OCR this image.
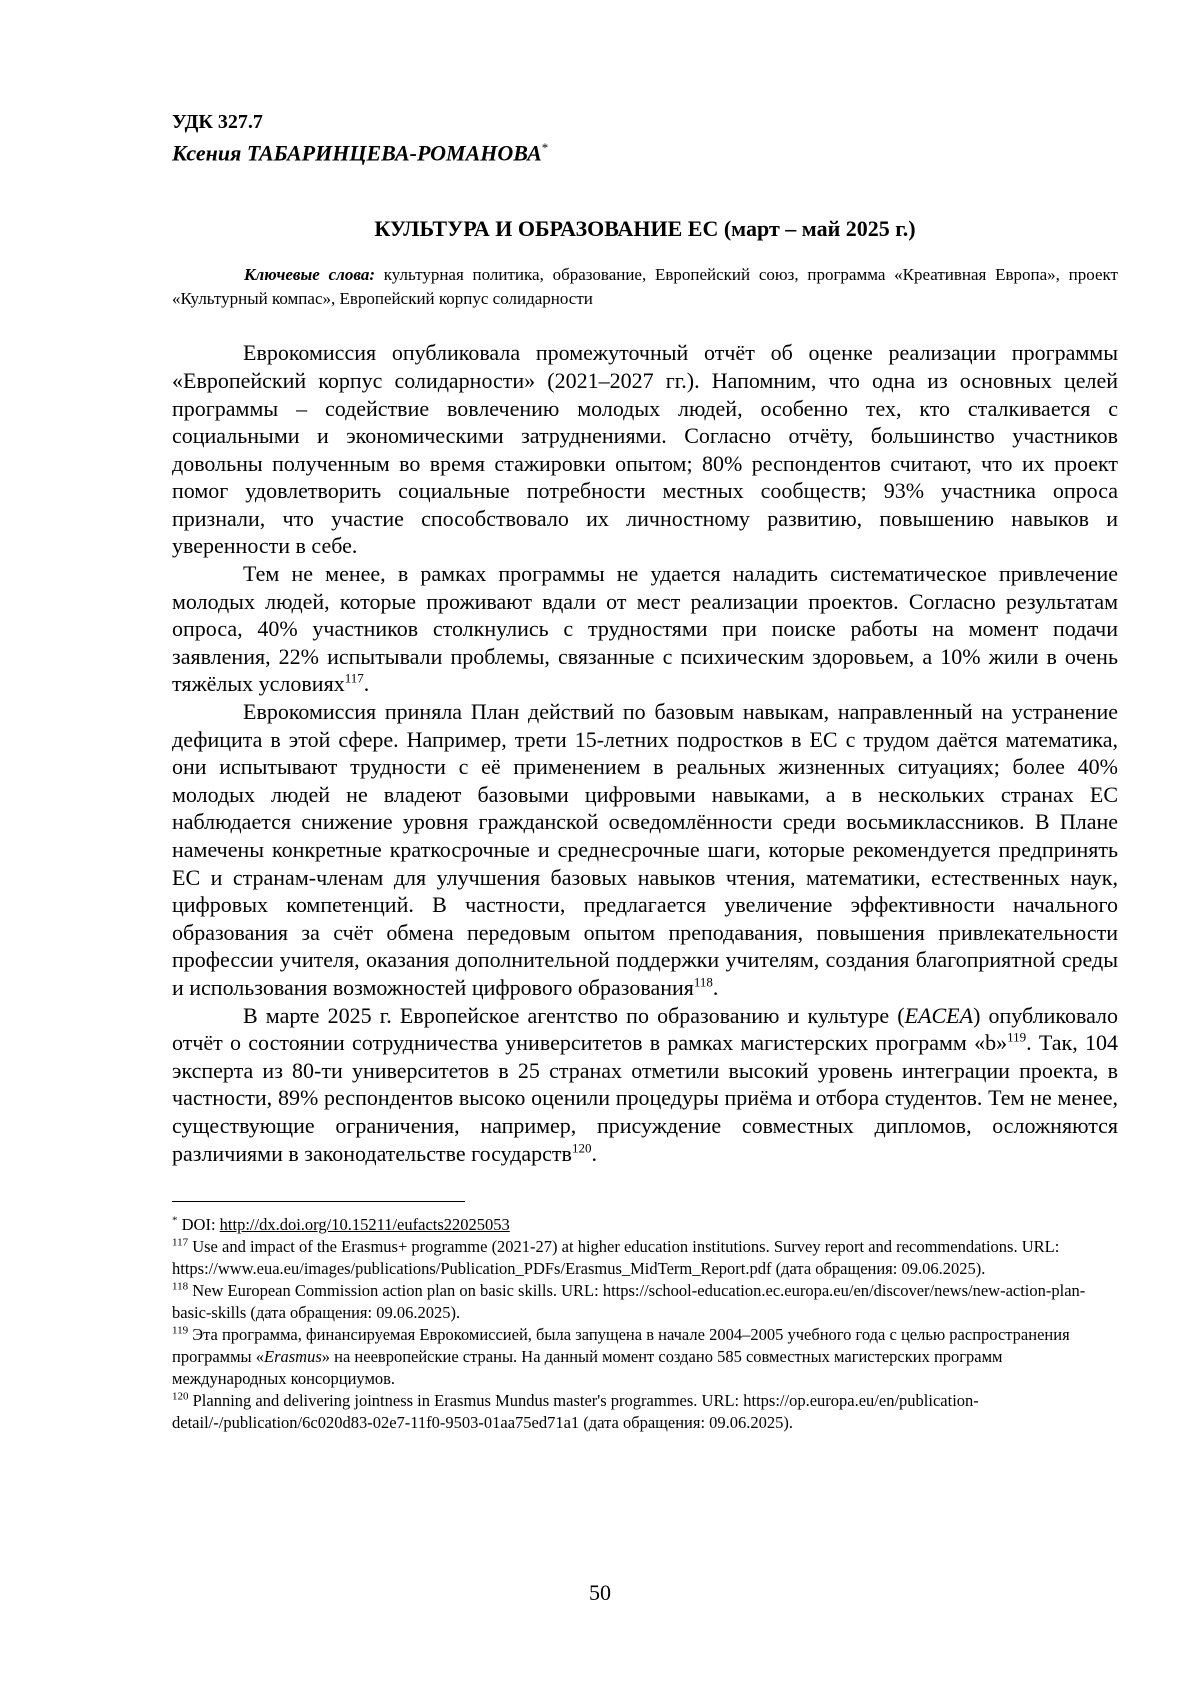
УДК 327.7

Ксения ТАБАРИНЦЕВА-РОМАНОВА*

КУЛЬТУРА И ОБРАЗОВАНИЕ ЕС (март – май 2025 г.)

Ключевые слова: культурная политика, образование, Европейский союз, программа «Креативная Европа», проект «Культурный компас», Европейский корпус солидарности

Еврокомиссия опубликовала промежуточный отчёт об оценке реализации программы «Европейский корпус солидарности» (2021–2027 гг.). Напомним, что одна из основных целей программы – содействие вовлечению молодых людей, особенно тех, кто сталкивается с социальными и экономическими затруднениями. Согласно отчёту, большинство участников довольны полученным во время стажировки опытом; 80% респондентов считают, что их проект помог удовлетворить социальные потребности местных сообществ; 93% участника опроса признали, что участие способствовало их личностному развитию, повышению навыков и уверенности в себе.

Тем не менее, в рамках программы не удается наладить систематическое привлечение молодых людей, которые проживают вдали от мест реализации проектов. Согласно результатам опроса, 40% участников столкнулись с трудностями при поиске работы на момент подачи заявления, 22% испытывали проблемы, связанные с психическим здоровьем, а 10% жили в очень тяжёлых условиях$^{117}$.

Еврокомиссия приняла План действий по базовым навыкам, направленный на устранение дефицита в этой сфере. Например, трети 15-летних подростков в ЕС с трудом даётся математика, они испытывают трудности с её применением в реальных жизненных ситуациях; более 40% молодых людей не владеют базовыми цифровыми навыками, а в нескольких странах ЕС наблюдается снижение уровня гражданской осведомлённости среди восьмиклассников. В Плане намечены конкретные краткосрочные и среднесрочные шаги, которые рекомендуется предпринять ЕС и странам-членам для улучшения базовых навыков чтения, математики, естественных наук, цифровых компетенций. В частности, предлагается увеличение эффективности начального образования за счёт обмена передовым опытом преподавания, повышения привлекательности профессии учителя, оказания дополнительной поддержки учителям, создания благоприятной среды и использования возможностей цифрового образования$^{118}$.

В марте 2025 г. Европейское агентство по образованию и культуре (EACEA) опубликовало отчёт о состоянии сотрудничества университетов в рамках магистерских программ «b»$^{119}$. Так, 104 эксперта из 80-ти университетов в 25 странах отметили высокий уровень интеграции проекта, в частности, 89% респондентов высоко оценили процедуры приёма и отбора студентов. Тем не менее, существующие ограничения, например, присуждение совместных дипломов, осложняются различиями в законодательстве государств$^{120}$.

* DOI: http://dx.doi.org/10.15211/eufacts22025053

$^{117}$ Use and impact of the Erasmus+ programme (2021-27) at higher education institutions. Survey report and recommendations. URL: https://www.eua.eu/images/publications/Publication_PDFs/Erasmus_MidTerm_Report.pdf (дата обращения: 09.06.2025).

$^{118}$ New European Commission action plan on basic skills. URL: https://school-education.ec.europa.eu/en/discover/news/new-action-plan-basic-skills (дата обращения: 09.06.2025).

$^{119}$ Эта программа, финансируемая Еврокомиссией, была запущена в начале 2004–2005 учебного года с целью распространения программы «Erasmus» на неевропейские страны. На данный момент создано 585 совместных магистерских программ международных консорциумов.

$^{120}$ Planning and delivering jointness in Erasmus Mundus master's programmes. URL: https://op.europa.eu/en/publication-detail/-/publication/6c020d83-02e7-11f0-9503-01aa75ed71a1 (дата обращения: 09.06.2025).

50
